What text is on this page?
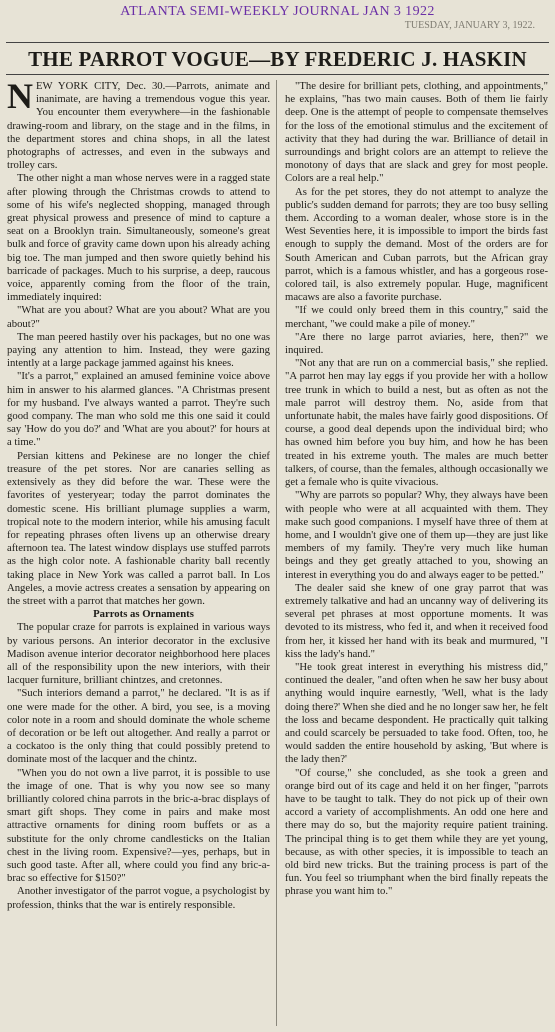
ATLANTA SEMI-WEEKLY JOURNAL JAN 3 1922
TUESDAY, JANUARY 3, 1922.
THE PARROT VOGUE—BY FREDERIC J. HASKIN

NEW YORK CITY, Dec. 30.—Parrots, animate and inanimate, are having a tremendous vogue this year. You encounter them everywhere—in the fashionable drawing-room and library, on the stage and in the films, in the department stores and china shops, in all the latest photographs of actresses, and even in the subways and trolley cars.

The other night a man whose nerves were in a ragged state after plowing through the Christmas crowds to attend to some of his wife's neglected shopping, managed through great physical prowess and presence of mind to capture a seat on a Brooklyn train. Simultaneously, someone's great bulk and force of gravity came down upon his already aching big toe. The man jumped and then swore quietly behind his barricade of packages. Much to his surprise, a deep, raucous voice, apparently coming from the floor of the train, immediately inquired:

"What are you about? What are you about? What are you about?"

The man peered hastily over his packages, but no one was paying any attention to him. Instead, they were gazing intently at a large package jammed against his knees.

"It's a parrot," explained an amused feminine voice above him in answer to his alarmed glances. "A Christmas present for my husband. I've always wanted a parrot. They're such good company. The man who sold me this one said it could say 'How do you do?' and 'What are you about?' for hours at a time."

Persian kittens and Pekinese are no longer the chief treasure of the pet stores. Nor are canaries selling as extensively as they did before the war. These were the favorites of yesteryear; today the parrot dominates the domestic scene. His brilliant plumage supplies a warm, tropical note to the modern interior, while his amusing facult for repeating phrases often livens up an otherwise dreary afternoon tea. The latest window displays use stuffed parrots as the high color note. A fashionable charity ball recently taking place in New York was called a parrot ball. In Los Angeles, a movie actress creates a sensation by appearing on the street with a parrot that matches her gown.

Parrots as Ornaments

The popular craze for parrots is explained in various ways by various persons. An interior decorator in the exclusive Madison avenue interior decorator neighborhood here places all of the responsibility upon the new interiors, with their lacquer furniture, brilliant chintzes, and cretonnes.

"Such interiors demand a parrot," he declared. "It is as if one were made for the other. A bird, you see, is a moving color note in a room and should dominate the whole scheme of decoration or be left out altogether. And really a parrot or a cockatoo is the only thing that could possibly pretend to dominate most of the lacquer and the chintz.

"When you do not own a live parrot, it is possible to use the image of one. That is why you now see so many brilliantly colored china parrots in the bric-a-brac displays of smart gift shops. They come in pairs and make most attractive ornaments for dining room buffets or as a substitute for the only chrome candlesticks on the Italian chest in the living room. Expensive?—yes, perhaps, but in such good taste. After all, where could you find any bric-a-brac so effective for $150?"

Another investigator of the parrot vogue, a psychologist by profession, thinks that the war is entirely responsible.

"The desire for brilliant pets, clothing, and appointments," he explains, "has two main causes. Both of them lie fairly deep. One is the attempt of people to compensate themselves for the loss of the emotional stimulus and the excitement of activity that they had during the war. Brilliance of detail in surroundings and bright colors are an attempt to relieve the monotony of days that are slack and grey for most people. Colors are a real help."

As for the pet stores, they do not attempt to analyze the public's sudden demand for parrots; they are too busy selling them. According to a woman dealer, whose store is in the West Seventies here, it is impossible to import the birds fast enough to supply the demand. Most of the orders are for South American and Cuban parrots, but the African gray parrot, which is a famous whistler, and has a gorgeous rose-colored tail, is also extremely popular. Huge, magnificent macaws are also a favorite purchase.

"If we could only breed them in this country," said the merchant, "we could make a pile of money."

"Are there no large parrot aviaries, here, then?" we inquired.

"Not any that are run on a commercial basis," she replied. "A parrot hen may lay eggs if you provide her with a hollow tree trunk in which to build a nest, but as often as not the male parrot will destroy them. No, aside from that unfortunate habit, the males have fairly good dispositions. Of course, a good deal depends upon the individual bird; who has owned him before you buy him, and how he has been treated in his extreme youth. The males are much better talkers, of course, than the females, although occasionally we get a female who is quite vivacious.

"Why are parrots so popular? Why, they always have been with people who were at all acquainted with them. They make such good companions. I myself have three of them at home, and I wouldn't give one of them up—they are just like members of my family. They're very much like human beings and they get greatly attached to you, showing an interest in everything you do and always eager to be petted."

The dealer said she knew of one gray parrot that was extremely talkative and had an uncanny way of delivering its several pet phrases at most opportune moments. It was devoted to its mistress, who fed it, and when it received food from her, it kissed her hand with its beak and murmured, "I kiss the lady's hand."

"He took great interest in everything his mistress did," continued the dealer, "and often when he saw her busy about anything would inquire earnestly, 'Well, what is the lady doing there?' When she died and he no longer saw her, he felt the loss and became despondent. He practically quit talking and could scarcely be persuaded to take food. Often, too, he would sadden the entire household by asking, 'But where is the lady then?'

"Of course," she concluded, as she took a green and orange bird out of its cage and held it on her finger, "parrots have to be taught to talk. They do not pick up of their own accord a variety of accomplishments. An odd one here and there may do so, but the majority require patient training. The principal thing is to get them while they are yet young, because, as with other species, it is impossible to teach an old bird new tricks. But the training process is part of the fun. You feel so triumphant when the bird finally repeats the phrase you want him to."
